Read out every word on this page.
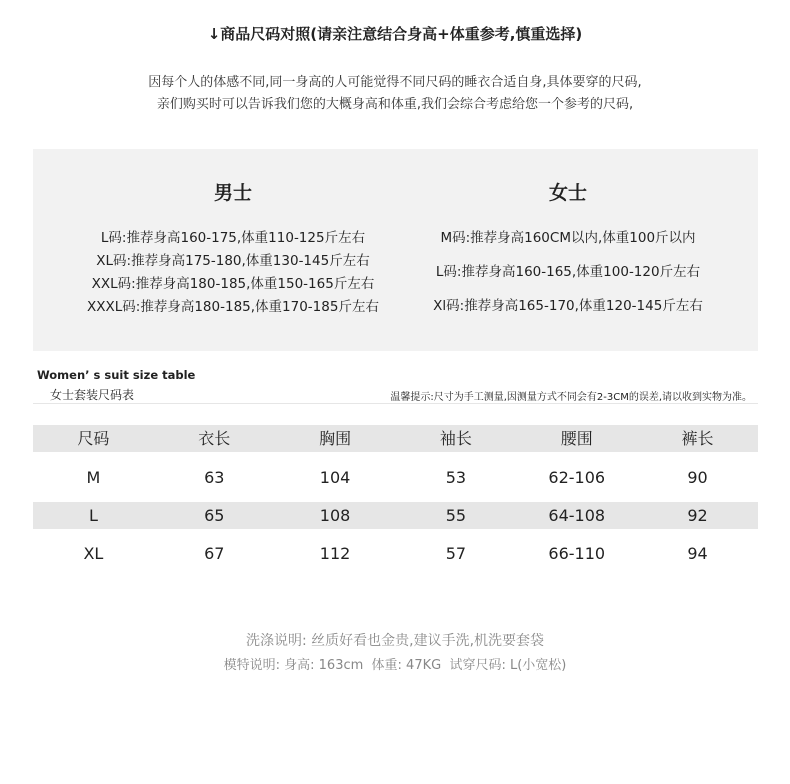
↓商品尺码对照(请亲注意结合身高+体重参考,慎重选择)
因每个人的体感不同,同一身高的人可能觉得不同尺码的睡衣合适自身,具体要穿的尺码,
亲们购买时可以告诉我们您的大概身高和体重,我们会综合考虑给您一个参考的尺码,
男士	女士
L码:推荐身高160-175,体重110-125斤左右
XL码:推荐身高175-180,体重130-145斤左右
XXL码:推荐身高180-185,体重150-165斤左右
XXXL码:推荐身高180-185,体重170-185斤左右
M码:推荐身高160CM以内,体重100斤以内
L码:推荐身高160-165,体重100-120斤左右
Xl码:推荐身高165-170,体重120-145斤左右
Women’ s suit size table
女士套装尺码表	温馨提示:尺寸为手工测量,因测量方式不同会有2-3CM的误差,请以收到实物为准。
尺码	衣长	胸围	袖长	腰围	裤长
M	63	104	53	62-106	90
L	65	108	55	64-108	92
XL	67	112	57	66-110	94
洗涤说明: 丝质好看也金贵,建议手洗,机洗要套袋
模特说明: 身高: 163cm  体重: 47KG  试穿尺码: L(小宽松)
